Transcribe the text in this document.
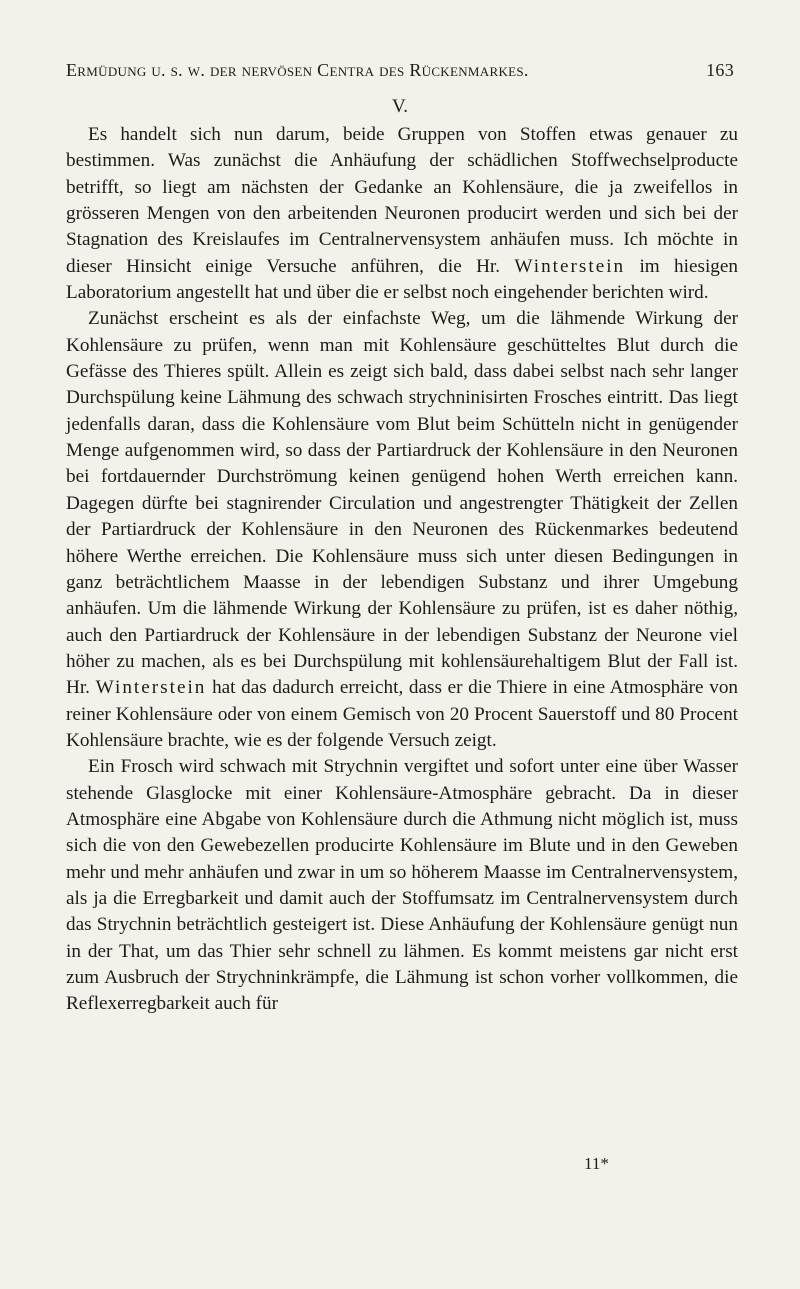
Ermüdung u. s. w. der nervösen Centra des Rückenmarkes.	163
V.

Es handelt sich nun darum, beide Gruppen von Stoffen etwas genauer zu bestimmen. Was zunächst die Anhäufung der schädlichen Stoffwechselproducte betrifft, so liegt am nächsten der Gedanke an Kohlensäure, die ja zweifellos in grösseren Mengen von den arbeitenden Neuronen producirt werden und sich bei der Stagnation des Kreislaufes im Centralnervensystem anhäufen muss. Ich möchte in dieser Hinsicht einige Versuche anführen, die Hr. Winterstein im hiesigen Laboratorium angestellt hat und über die er selbst noch eingehender berichten wird.

Zunächst erscheint es als der einfachste Weg, um die lähmende Wirkung der Kohlensäure zu prüfen, wenn man mit Kohlensäure geschütteltes Blut durch die Gefässe des Thieres spült. Allein es zeigt sich bald, dass dabei selbst nach sehr langer Durchspülung keine Lähmung des schwach strychninisirten Frosches eintritt. Das liegt jedenfalls daran, dass die Kohlensäure vom Blut beim Schütteln nicht in genügender Menge aufgenommen wird, so dass der Partiardruck der Kohlensäure in den Neuronen bei fortdauernder Durchströmung keinen genügend hohen Werth erreichen kann. Dagegen dürfte bei stagnirender Circulation und angestrengter Thätigkeit der Zellen der Partiardruck der Kohlensäure in den Neuronen des Rückenmarkes bedeutend höhere Werthe erreichen. Die Kohlensäure muss sich unter diesen Bedingungen in ganz beträchtlichem Maasse in der lebendigen Substanz und ihrer Umgebung anhäufen. Um die lähmende Wirkung der Kohlensäure zu prüfen, ist es daher nöthig, auch den Partiardruck der Kohlensäure in der lebendigen Substanz der Neurone viel höher zu machen, als es bei Durchspülung mit kohlensäurehaltigem Blut der Fall ist. Hr. Winterstein hat das dadurch erreicht, dass er die Thiere in eine Atmosphäre von reiner Kohlensäure oder von einem Gemisch von 20 Procent Sauerstoff und 80 Procent Kohlensäure brachte, wie es der folgende Versuch zeigt.

Ein Frosch wird schwach mit Strychnin vergiftet und sofort unter eine über Wasser stehende Glasglocke mit einer Kohlensäure-Atmosphäre gebracht. Da in dieser Atmosphäre eine Abgabe von Kohlensäure durch die Athmung nicht möglich ist, muss sich die von den Gewebezellen producirte Kohlensäure im Blute und in den Geweben mehr und mehr anhäufen und zwar in um so höherem Maasse im Centralnervensystem, als ja die Erregbarkeit und damit auch der Stoffumsatz im Centralnervensystem durch das Strychnin beträchtlich gesteigert ist. Diese Anhäufung der Kohlensäure genügt nun in der That, um das Thier sehr schnell zu lähmen. Es kommt meistens gar nicht erst zum Ausbruch der Strychninkrämpfe, die Lähmung ist schon vorher vollkommen, die Reflexerregbarkeit auch für

11*
